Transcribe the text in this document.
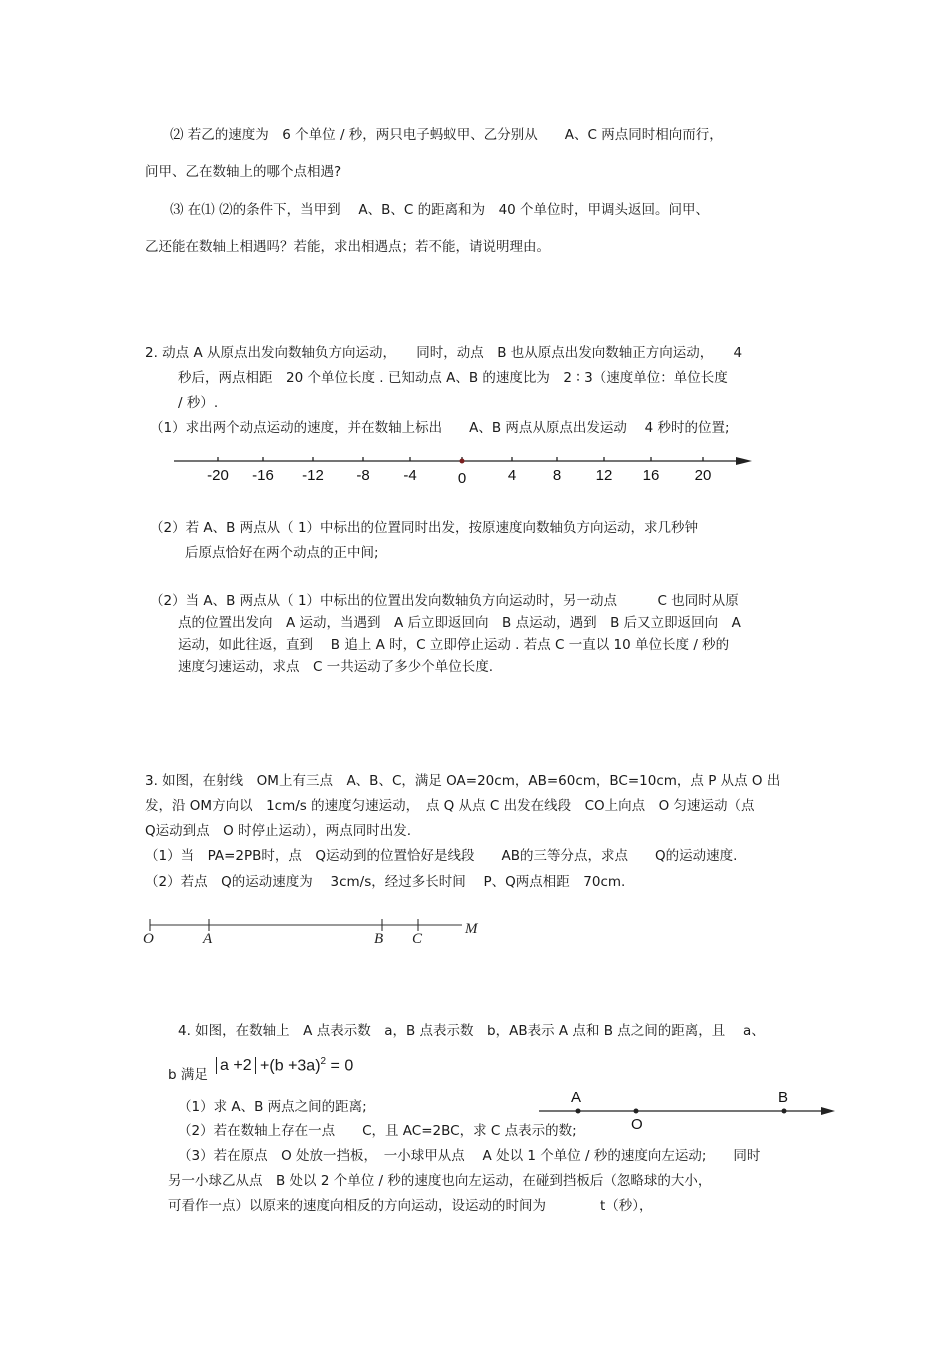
⑵ 若乙的速度为　6 个单位 / 秒，两只电子蚂蚁甲、乙分别从　　A、C 两点同时相向而行，
问甲、乙在数轴上的哪个点相遇?
⑶ 在⑴ ⑵的条件下，当甲到　 A、B、C 的距离和为　40 个单位时，甲调头返回。问甲、
乙还能在数轴上相遇吗？若能，求出相遇点；若不能，请说明理由。
2. 动点 A 从原点出发向数轴负方向运动，　　同时，动点　B 也从原点出发向数轴正方向运动，　　4
秒后，两点相距　20 个单位长度 . 已知动点 A、B 的速度比为　2 ∶ 3（速度单位：单位长度
/ 秒）.
（1）求出两个动点运动的速度，并在数轴上标出　　A、B 两点从原点出发运动　 4 秒时的位置;
-20 -16 -12 -8 -4	0	4 8 12 16 20
（2）若 A、B 两点从（ 1）中标出的位置同时出发，按原速度向数轴负方向运动，求几秒钟
后原点恰好在两个动点的正中间;
（2）当 A、B 两点从（ 1）中标出的位置出发向数轴负方向运动时，另一动点　　　C 也同时从原
点的位置出发向　A 运动，当遇到　A 后立即返回向　B 点运动，遇到　B 后又立即返回向　A
运动，如此往返，直到　 B 追上 A 时，C 立即停止运动 . 若点 C 一直以 10 单位长度 / 秒的
速度匀速运动，求点　C 一共运动了多少个单位长度.
3. 如图，在射线　OM上有三点　A、B、C，满足 OA=20cm，AB=60cm，BC=10cm，点 P 从点 O 出
发，沿 OM方向以　1cm/s 的速度匀速运动，　点 Q 从点 C 出发在线段　CO上向点　O 匀速运动（点
Q运动到点　O 时停止运动），两点同时出发.
（1）当　PA=2PB时，点　Q运动到的位置恰好是线段　　AB的三等分点，求点　　Q的运动速度.
（2）若点　Q的运动速度为　 3cm/s，经过多长时间　 P、Q两点相距　70cm.
O	A	B C
M
4. 如图，在数轴上　A 点表示数　a，B 点表示数　b，AB表示 A 点和 B 点之间的距离，且　 a、
b 满足
$a +2 +(b +3a)^2 = 0$
（1）求 A、B 两点之间的距离;
（2）若在数轴上存在一点　　C，且 AC=2BC，求 C 点表示的数;
（3）若在原点　O 处放一挡板，　一小球甲从点　 A 处以 1 个单位 / 秒的速度向左运动;　　同时
另一小球乙从点　B 处以 2 个单位 / 秒的速度也向左运动，在碰到挡板后（忽略球的大小，
可看作一点）以原来的速度向相反的方向运动，设运动的时间为　　　　t（秒），
A
O
B
